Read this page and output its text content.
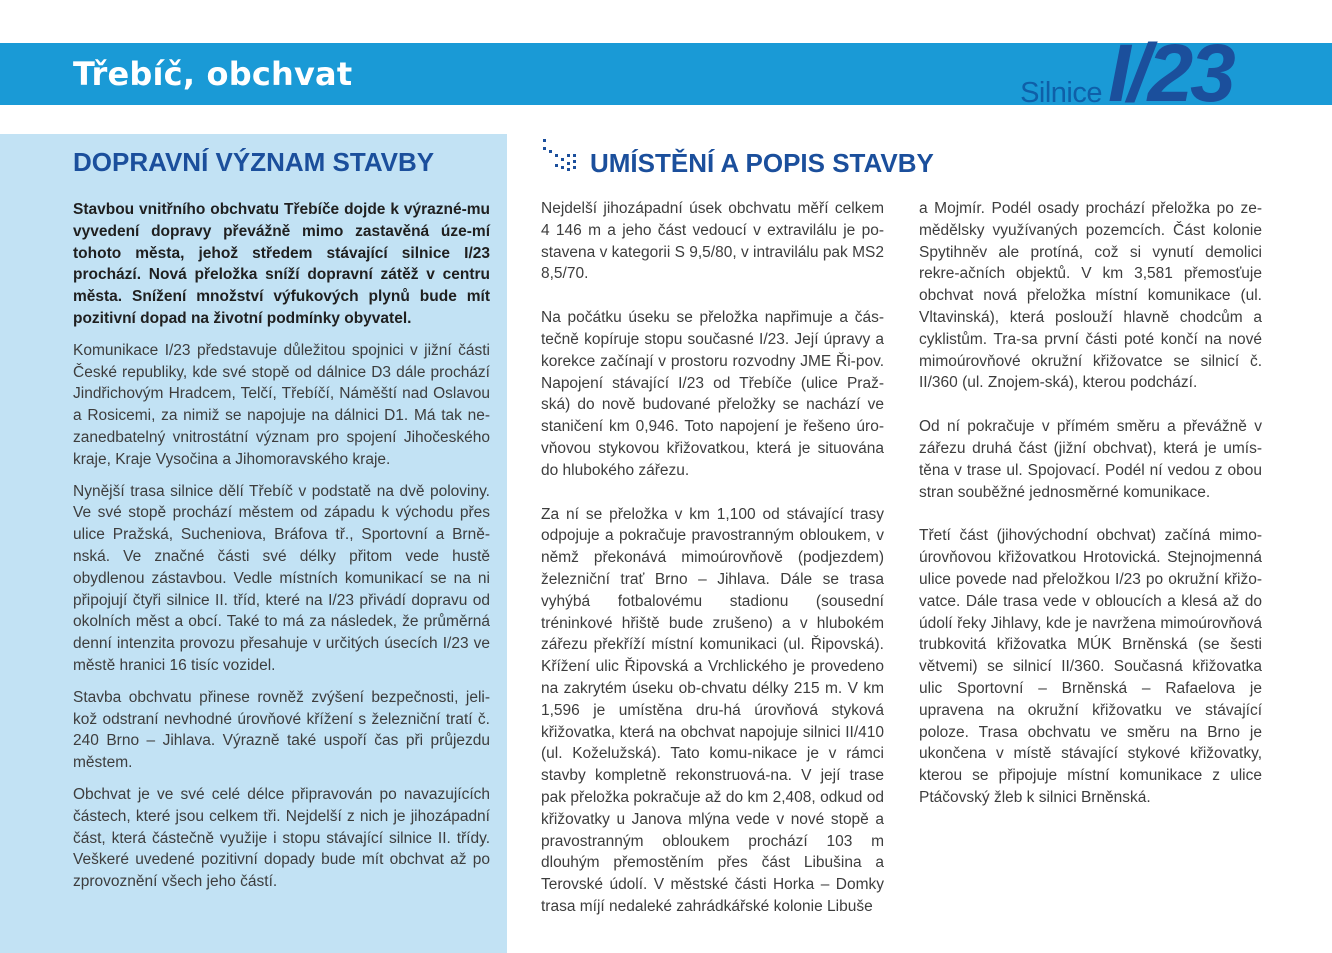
Třebíč, obchvat	Silnice I/23
DOPRAVNÍ VÝZNAM STAVBY

Stavbou vnitřního obchvatu Třebíče dojde k výrazné-mu vyvedení dopravy převážně mimo zastavěná úze-mí tohoto města, jehož středem stávající silnice I/23 prochází. Nová přeložka sníží dopravní zátěž v centru města. Snížení množství výfukových plynů bude mít pozitivní dopad na životní podmínky obyvatel.

Komunikace I/23 představuje důležitou spojnici v jižní části České republiky, kde své stopě od dálnice D3 dále prochází Jindřichovým Hradcem, Telčí, Třebíčí, Náměští nad Oslavou a Rosicemi, za nimiž se napojuje na dálnici D1. Má tak ne-zanedbatelný vnitrostátní význam pro spojení Jihočeského kraje, Kraje Vysočina a Jihomoravského kraje.

Nynější trasa silnice dělí Třebíč v podstatě na dvě poloviny. Ve své stopě prochází městem od západu k východu přes ulice Pražská, Sucheniova, Bráfova tř., Sportovní a Brně-nská. Ve značné části své délky přitom vede hustě obydlenou zástavbou. Vedle místních komunikací se na ni připojují čtyři silnice II. tříd, které na I/23 přivádí dopravu od okolních měst a obcí. Také to má za následek, že průměrná denní intenzita provozu přesahuje v určitých úsecích I/23 ve městě hranici 16 tisíc vozidel.

Stavba obchvatu přinese rovněž zvýšení bezpečnosti, jeli-kož odstraní nevhodné úrovňové křížení s železniční tratí č. 240 Brno – Jihlava. Výrazně také uspoří čas při průjezdu městem.

Obchvat je ve své celé délce připravován po navazujících částech, které jsou celkem tři. Nejdelší z nich je jihozápadní část, která částečně využije i stopu stávající silnice II. třídy. Veškeré uvedené pozitivní dopady bude mít obchvat až po zprovoznění všech jeho částí.

UMÍSTĚNÍ A POPIS STAVBY

Nejdelší jihozápadní úsek obchvatu měří celkem 4 146 m a jeho část vedoucí v extravilálu je po-stavena v kategorii S 9,5/80, v intravilálu pak MS2 8,5/70.

Na počátku úseku se přeložka napřimuje a čás-tečně kopíruje stopu současné I/23. Její úpravy a korekce začínají v prostoru rozvodny JME Ři-pov. Napojení stávající I/23 od Třebíče (ulice Praž-ská) do nově budované přeložky se nachází ve staničení km 0,946. Toto napojení je řešeno úro-vňovou stykovou křižovatkou, která je situována do hlubokého zářezu.

Za ní se přeložka v km 1,100 od stávající trasy odpojuje a pokračuje pravostranným obloukem, v němž překonává mimoúrovňově (podjezdem) železniční trať Brno – Jihlava. Dále se trasa vyhýbá fotbalovému stadionu (sousední tréninkové hřiště bude zrušeno) a v hlubokém zářezu překříží místní komunikaci (ul. Řipovská). Křížení ulic Řipovská a Vrchlického je provedeno na zakrytém úseku ob-chvatu délky 215 m. V km 1,596 je umístěna dru-há úrovňová styková křižovatka, která na obchvat napojuje silnici II/410 (ul. Koželužská). Tato komu-nikace je v rámci stavby kompletně rekonstruová-na. V její trase pak přeložka pokračuje až do km 2,408, odkud od křižovatky u Janova mlýna vede v nové stopě a pravostranným obloukem prochází 103 m dlouhým přemostěním přes část Libušina a Terovské údolí. V městské části Horka – Domky trasa míjí nedaleké zahrádkářské kolonie Libuše

a Mojmír. Podél osady prochází přeložka po ze-mědělsky využívaných pozemcích. Část kolonie Spytihněv ale protíná, což si vynutí demolici rekre-ačních objektů. V km 3,581 přemosťuje obchvat nová přeložka místní komunikace (ul. Vltavinská), která poslouží hlavně chodcům a cyklistům. Tra-sa první části poté končí na nové mimoúrovňové okružní křižovatce se silnicí č. II/360 (ul. Znojem-ská), kterou podchází.

Od ní pokračuje v přímém směru a převážně v zářezu druhá část (jižní obchvat), která je umís-těna v trase ul. Spojovací. Podél ní vedou z obou stran souběžné jednosměrné komunikace.

Třetí část (jihovýchodní obchvat) začíná mimo-úrovňovou křižovatkou Hrotovická. Stejnojmenná ulice povede nad přeložkou I/23 po okružní křižo-vatce. Dále trasa vede v obloucích a klesá až do údolí řeky Jihlavy, kde je navržena mimoúrovňová trubkovitá křižovatka MÚK Brněnská (se šesti větvemi) se silnicí II/360. Současná křižovatka ulic Sportovní – Brněnská – Rafaelova je upravena na okružní křižovatku ve stávající poloze. Trasa obchvatu ve směru na Brno je ukončena v místě stávající stykové křižovatky, kterou se připojuje místní komunikace z ulice Ptáčovský žleb k silnici Brněnská.
